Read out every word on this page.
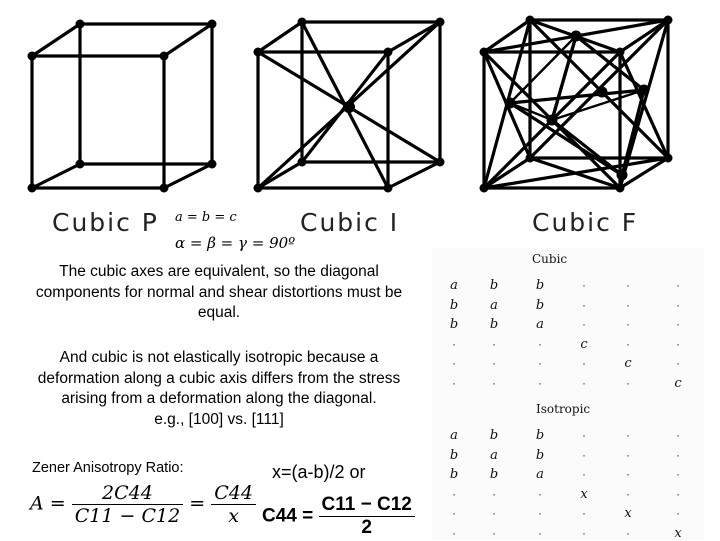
Cubic P a = b = c
α = β = γ = 90º
Cubic I	Cubic F
The cubic axes are equivalent, so the diagonal components for normal and shear distortions must be equal.
And cubic is not elastically isotropic because a deformation along a cubic axis differs from the stress arising from a deformation along the diagonal.
e.g., [100] vs. [111]
Zener Anisotropy Ratio:
$A = \frac{2C44}{C11 - C12} = \frac{C44}{x}$
x=(a-b)/2 or
$C44 = \frac{C11 - C12}{2}$
Cubic
Isotropic
a	b	b	·	·	·
b	a	b	·	·	·
b	b	a	·	·	·
·	·	·	c	·	·
·	·	·	·	c	·
·	·	·	·	·	c
a	b	b	·	·	·
b	a	b	·	·	·
b	b	a	·	·	·
·	·	·	x	·	·
·	·	·	·	x	·
·	·	·	·	·	x
